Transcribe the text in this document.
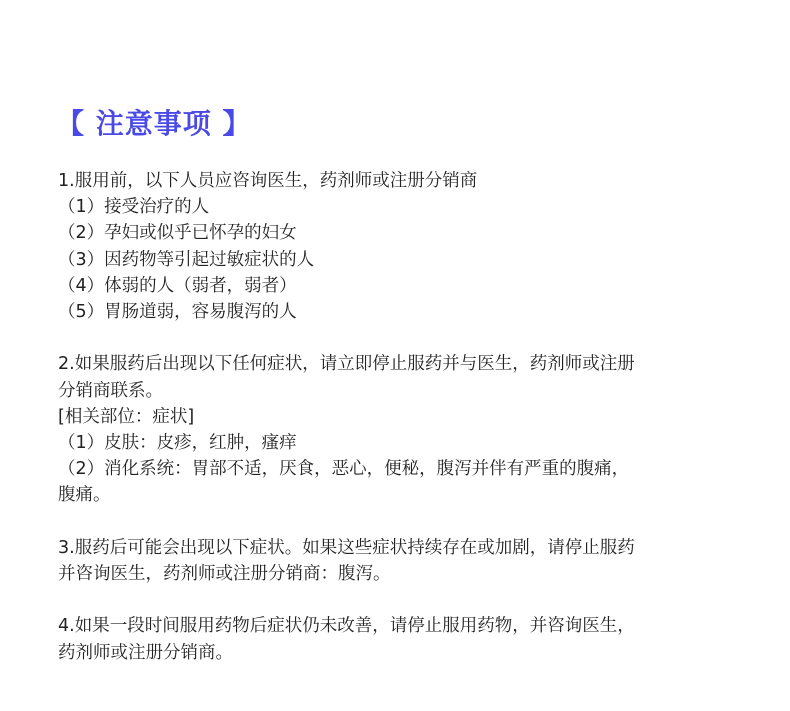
【 注意事项 】
1.服用前，以下人员应咨询医生，药剂师或注册分销商
（1）接受治疗的人
（2）孕妇或似乎已怀孕的妇女
（3）因药物等引起过敏症状的人
（4）体弱的人（弱者，弱者）
（5）胃肠道弱，容易腹泻的人
2.如果服药后出现以下任何症状，请立即停止服药并与医生，药剂师或注册
分销商联系。
[相关部位：症状]
（1）皮肤：皮疹，红肿，瘙痒
（2）消化系统：胃部不适，厌食，恶心，便秘，腹泻并伴有严重的腹痛，
腹痛。
3.服药后可能会出现以下症状。如果这些症状持续存在或加剧，请停止服药
并咨询医生，药剂师或注册分销商：腹泻。
4.如果一段时间服用药物后症状仍未改善，请停止服用药物，并咨询医生，
药剂师或注册分销商。
